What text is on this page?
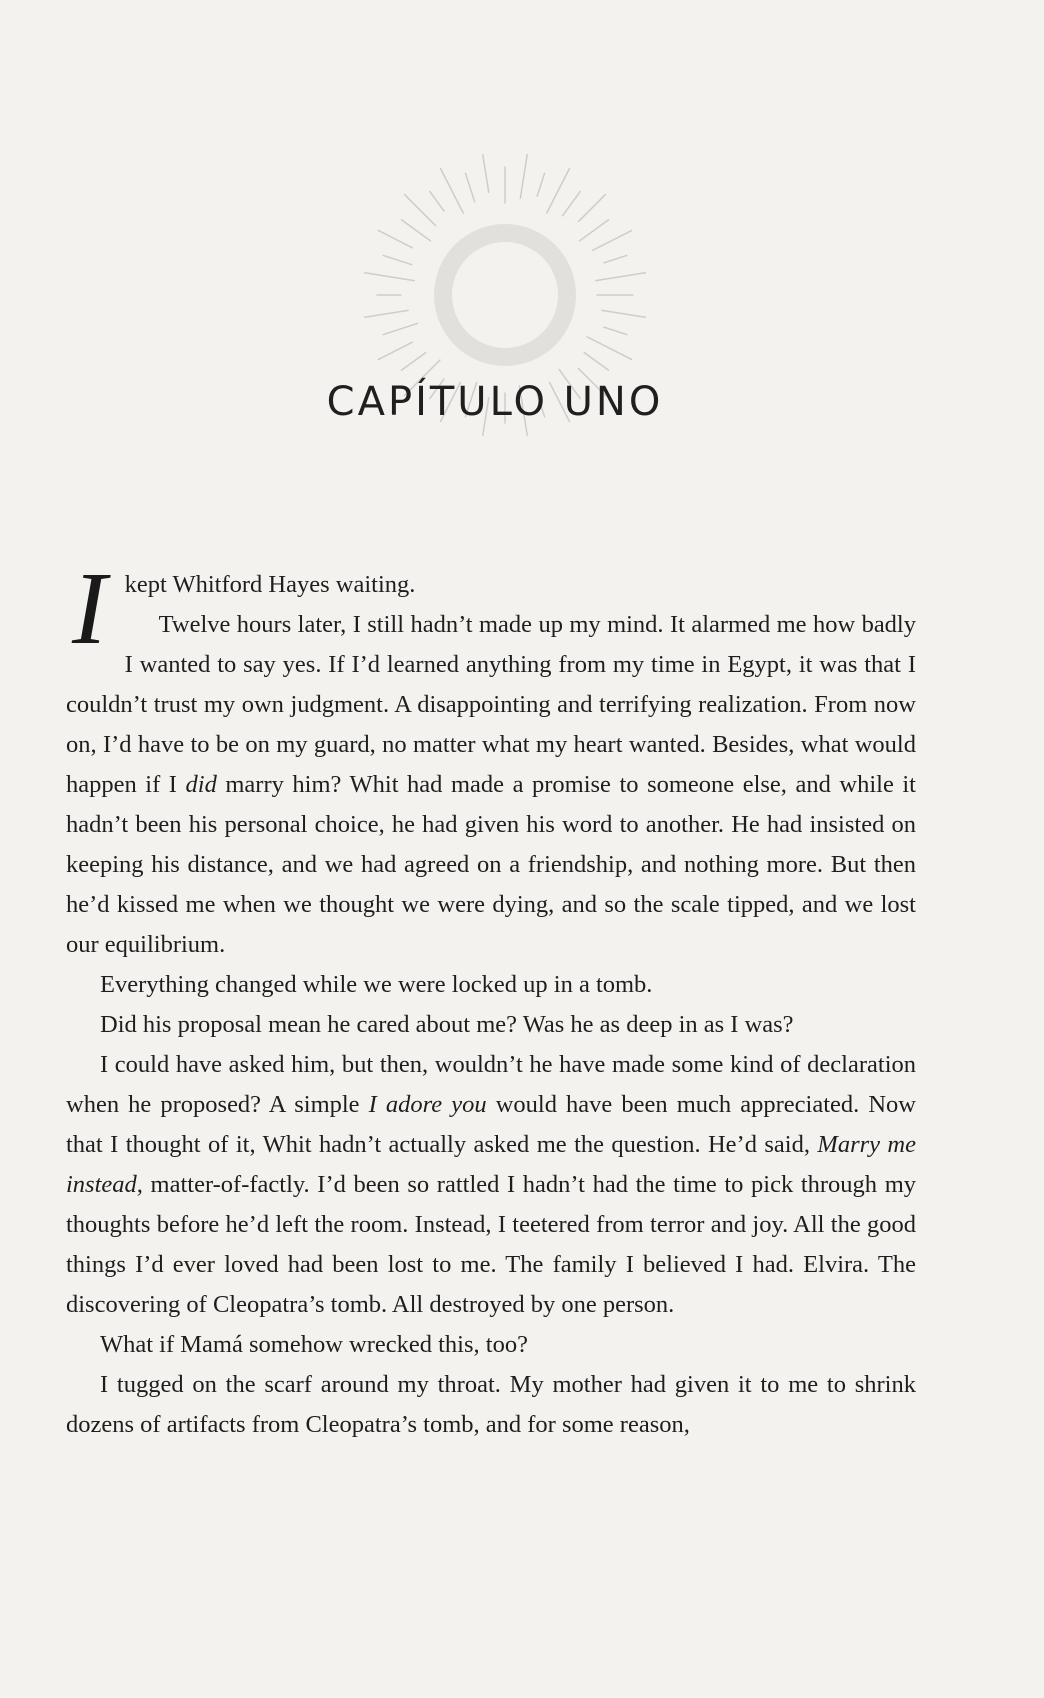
CAPÍTULO UNO

I kept Whitford Hayes waiting.
Twelve hours later, I still hadn’t made up my mind. It alarmed me how badly I wanted to say yes. If I’d learned anything from my time in Egypt, it was that I couldn’t trust my own judgment. A disappointing and terrifying realization. From now on, I’d have to be on my guard, no matter what my heart wanted. Besides, what would happen if I did marry him? Whit had made a promise to someone else, and while it hadn’t been his personal choice, he had given his word to another. He had insisted on keeping his distance, and we had agreed on a friendship, and nothing more. But then he’d kissed me when we thought we were dying, and so the scale tipped, and we lost our equilibrium.

Everything changed while we were locked up in a tomb.

Did his proposal mean he cared about me? Was he as deep in as I was?

I could have asked him, but then, wouldn’t he have made some kind of declaration when he proposed? A simple I adore you would have been much appreciated. Now that I thought of it, Whit hadn’t actually asked me the question. He’d said, Marry me instead, matter-of-factly. I’d been so rattled I hadn’t had the time to pick through my thoughts before he’d left the room. Instead, I teetered from terror and joy. All the good things I’d ever loved had been lost to me. The family I believed I had. Elvira. The discovering of Cleopatra’s tomb. All destroyed by one person.

What if Mamá somehow wrecked this, too?

I tugged on the scarf around my throat. My mother had given it to me to shrink dozens of artifacts from Cleopatra’s tomb, and for some reason,
